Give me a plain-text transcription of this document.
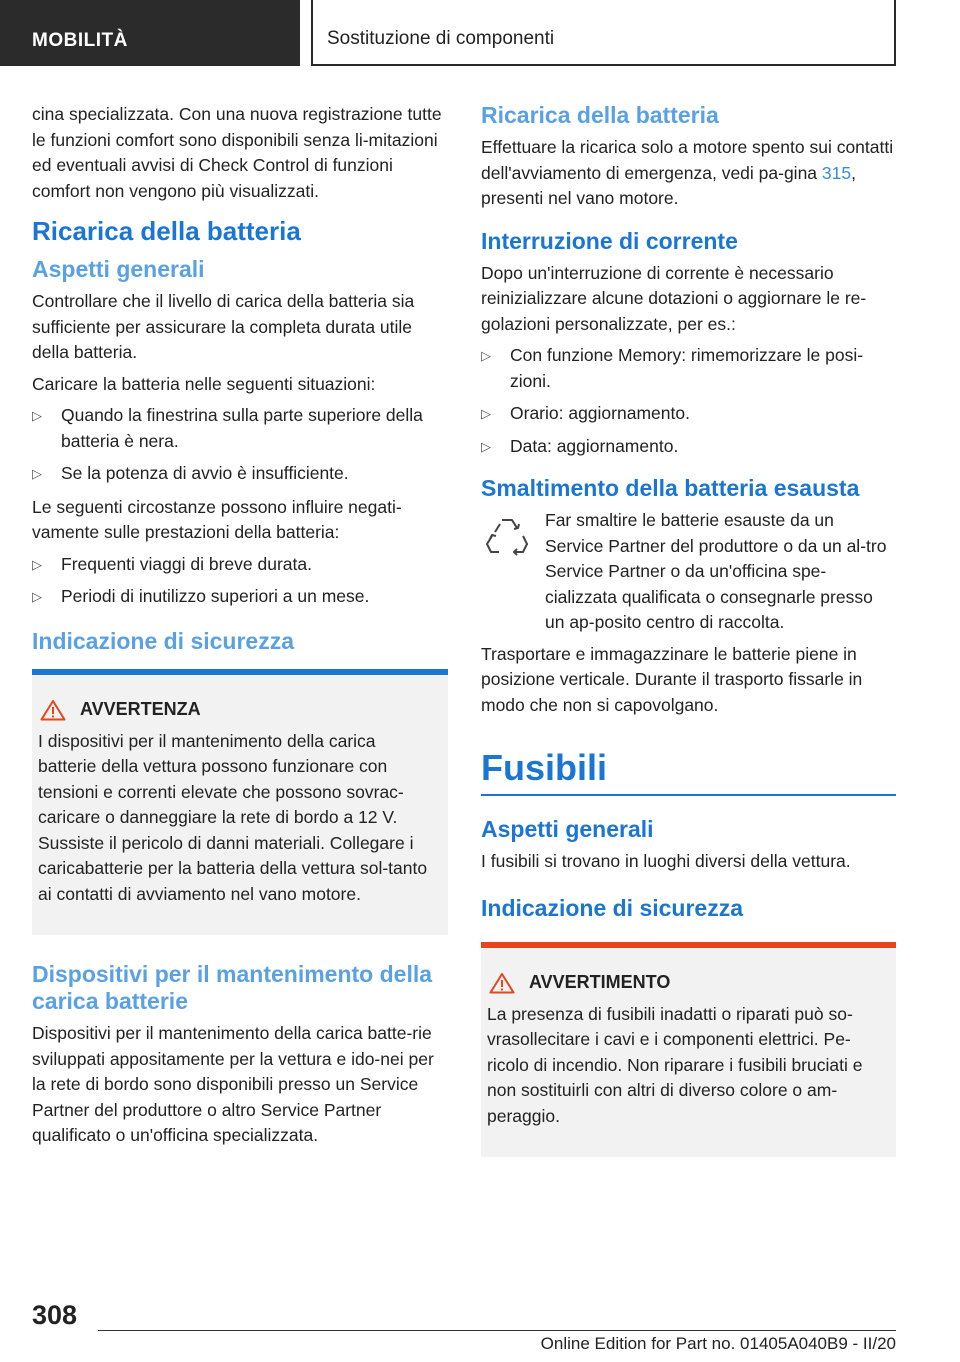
MOBILITÀ	Sostituzione di componenti

cina specializzata. Con una nuova registrazione tutte le funzioni comfort sono disponibili senza li-mitazioni ed eventuali avvisi di Check Control di funzioni comfort non vengono più visualizzati.

Ricarica della batteria
Aspetti generali

Controllare che il livello di carica della batteria sia sufficiente per assicurare la completa durata utile della batteria.

Caricare la batteria nelle seguenti situazioni:

▷ Quando la finestrina sulla parte superiore della batteria è nera.
▷ Se la potenza di avvio è insufficiente.

Le seguenti circostanze possono influire negati-vamente sulle prestazioni della batteria:

▷ Frequenti viaggi di breve durata.
▷ Periodi di inutilizzo superiori a un mese.
Indicazione di sicurezza
AVVERTENZA

I dispositivi per il mantenimento della carica batterie della vettura possono funzionare con tensioni e correnti elevate che possono sovrac-caricare o danneggiare la rete di bordo a 12 V. Sussiste il pericolo di danni materiali. Collegare i caricabatterie per la batteria della vettura sol-tanto ai contatti di avviamento nel vano motore.

Dispositivi per il mantenimento della carica batterie

Dispositivi per il mantenimento della carica batte-rie sviluppati appositamente per la vettura e ido-nei per la rete di bordo sono disponibili presso un Service Partner del produttore o altro Service Partner qualificato o un'officina specializzata.

Ricarica della batteria

Effettuare la ricarica solo a motore spento sui contatti dell'avviamento di emergenza, vedi pa-gina 315, presenti nel vano motore.

Interruzione di corrente

Dopo un'interruzione di corrente è necessario reinizializzare alcune dotazioni o aggiornare le re-golazioni personalizzate, per es.:

▷ Con funzione Memory: rimemorizzare le posi-zioni.
▷ Orario: aggiornamento.
▷ Data: aggiornamento.
Smaltimento della batteria esausta

Far smaltire le batterie esauste da un Service Partner del produttore o da un al-tro Service Partner o da un'officina spe-cializzata qualificata o consegnarle presso un ap-posito centro di raccolta.

Trasportare e immagazzinare le batterie piene in posizione verticale. Durante il trasporto fissarle in modo che non si capovolgano.

Fusibili
Aspetti generali

I fusibili si trovano in luoghi diversi della vettura.

Indicazione di sicurezza
AVVERTIMENTO

La presenza di fusibili inadatti o riparati può so-vrasollecitare i cavi e i componenti elettrici. Pe-ricolo di incendio. Non riparare i fusibili bruciati e non sostituirli con altri di diverso colore o am-peraggio.

308
Online Edition for Part no. 01405A040B9 - II/20
